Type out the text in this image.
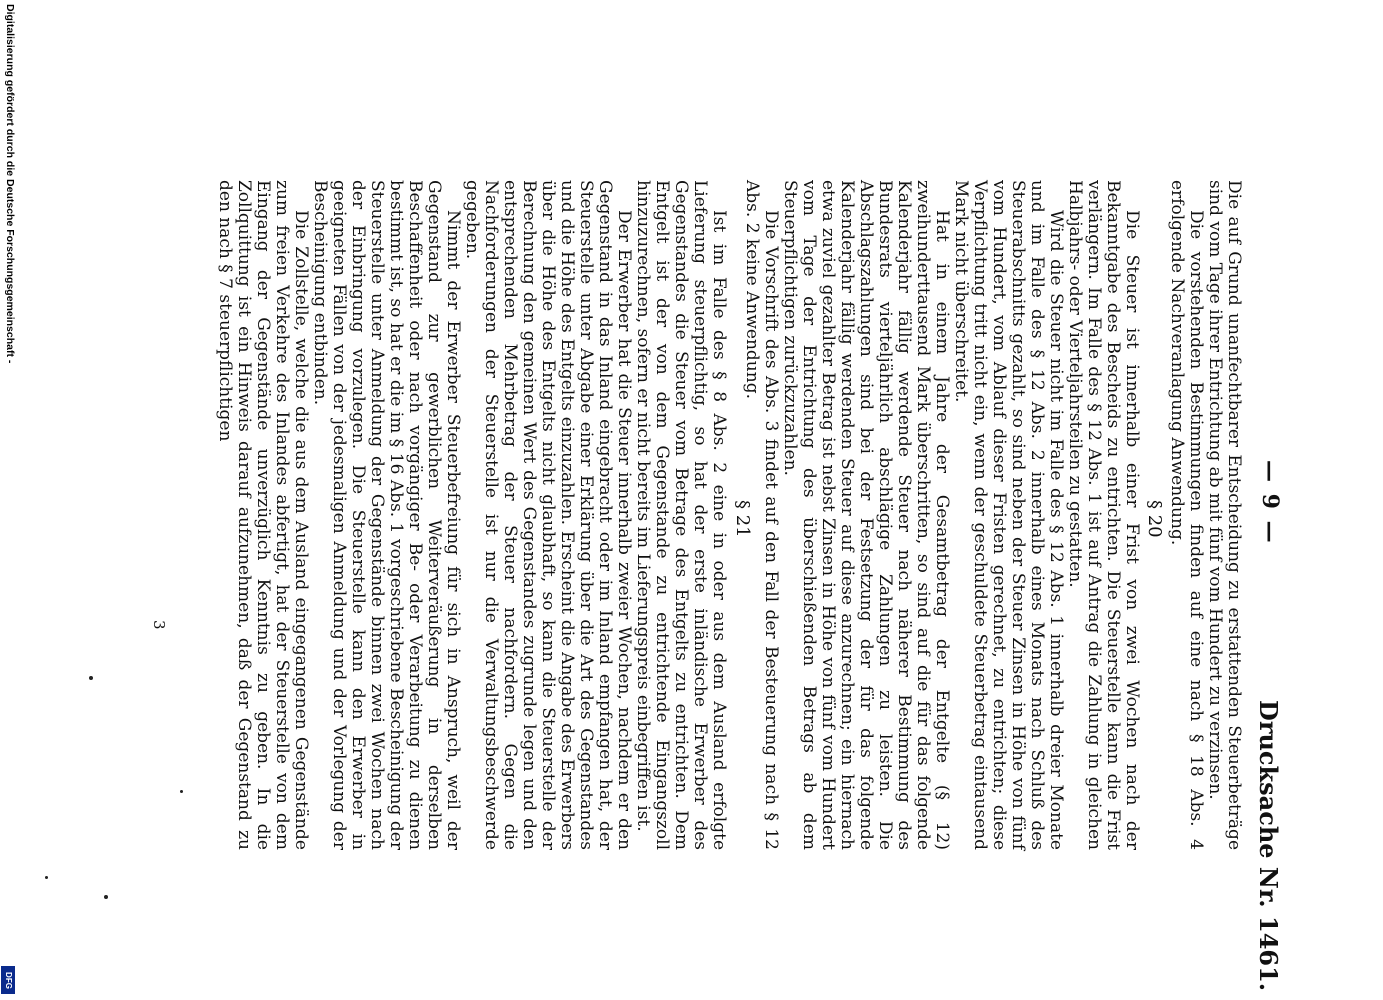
— 9 —
Drucksache Nr. 1461.

Die auf Grund unanfechtbarer Entscheidung zu erstattenden Steuerbeträge sind vom Tage ihrer Entrichtung ab mit fünf vom Hundert zu verzinsen.

Die vorstehenden Bestimmungen finden auf eine nach § 18 Abs. 4 erfolgende Nachveranlagung Anwendung.

§ 20

Die Steuer ist innerhalb einer Frist von zwei Wochen nach der Bekanntgabe des Bescheids zu entrichten. Die Steuerstelle kann die Frist verlängern. Im Falle des § 12 Abs. 1 ist auf Antrag die Zahlung in gleichen Halbjahrs- oder Vierteljahrsteilen zu gestatten.

Wird die Steuer nicht im Falle des § 12 Abs. 1 innerhalb dreier Monate und im Falle des § 12 Abs. 2 innerhalb eines Monats nach Schluß des Steuerabschnitts gezahlt, so sind neben der Steuer Zinsen in Höhe von fünf vom Hundert, vom Ablauf dieser Fristen gerechnet, zu entrichten; diese Verpflichtung tritt nicht ein, wenn der geschuldete Steuerbetrag eintausend Mark nicht überschreitet.

Hat in einem Jahre der Gesamtbetrag der Entgelte (§ 12) zweihunderttausend Mark überschritten, so sind auf die für das folgende Kalenderjahr fällig werdende Steuer nach näherer Bestimmung des Bundesrats vierteljährlich abschlägige Zahlungen zu leisten. Die Abschlagszahlungen sind bei der Festsetzung der für das folgende Kalenderjahr fällig werdenden Steuer auf diese anzurechnen; ein hiernach etwa zuviel gezahlter Betrag ist nebst Zinsen in Höhe von fünf vom Hundert vom Tage der Entrichtung des überschießenden Betrags ab dem Steuerpflichtigen zurückzuzahlen.

Die Vorschrift des Abs. 3 findet auf den Fall der Besteuerung nach § 12 Abs. 2 keine Anwendung.

§ 21

Ist im Falle des § 8 Abs. 2 eine in oder aus dem Ausland erfolgte Lieferung steuerpflichtig, so hat der erste inländische Erwerber des Gegenstandes die Steuer vom Betrage des Entgelts zu entrichten. Dem Entgelt ist der von dem Gegenstande zu entrichtende Eingangszoll hinzuzurechnen, sofern er nicht bereits im Lieferungspreis einbegriffen ist.

Der Erwerber hat die Steuer innerhalb zweier Wochen, nachdem er den Gegenstand in das Inland eingebracht oder im Inland empfangen hat, der Steuerstelle unter Abgabe einer Erklärung über die Art des Gegenstandes und die Höhe des Entgelts einzuzahlen. Erscheint die Angabe des Erwerbers über die Höhe des Entgelts nicht glaubhaft, so kann die Steuerstelle der Berechnung den gemeinen Wert des Gegenstandes zugrunde legen und den entsprechenden Mehrbetrag der Steuer nachfordern. Gegen die Nachforderungen der Steuerstelle ist nur die Verwaltungsbeschwerde gegeben.

Nimmt der Erwerber Steuerbefreiung für sich in Anspruch, weil der Gegenstand zur gewerblichen Weiterveräußerung in derselben Beschaffenheit oder nach vorgängiger Be- oder Verarbeitung zu dienen bestimmt ist, so hat er die im § 16 Abs. 1 vorgeschriebene Bescheinigung der Steuerstelle unter Anmeldung der Gegenstände binnen zwei Wochen nach der Einbringung vorzulegen. Die Steuerstelle kann den Erwerber in geeigneten Fällen von der jedesmaligen Anmeldung und der Vorlegung der Bescheinigung entbinden.

Die Zollstelle, welche die aus dem Ausland eingegangenen Gegenstände zum freien Verkehre des Inlandes abfertigt, hat der Steuerstelle von dem Eingang der Gegenstände unverzüglich Kenntnis zu geben. In die Zollquittung ist ein Hinweis darauf aufzunehmen, daß der Gegenstand zu den nach § 7 steuerpflichtigen

3
Digitalisierung gefördert durch die Deutsche Forschungsgemeinschaft -
DFG
